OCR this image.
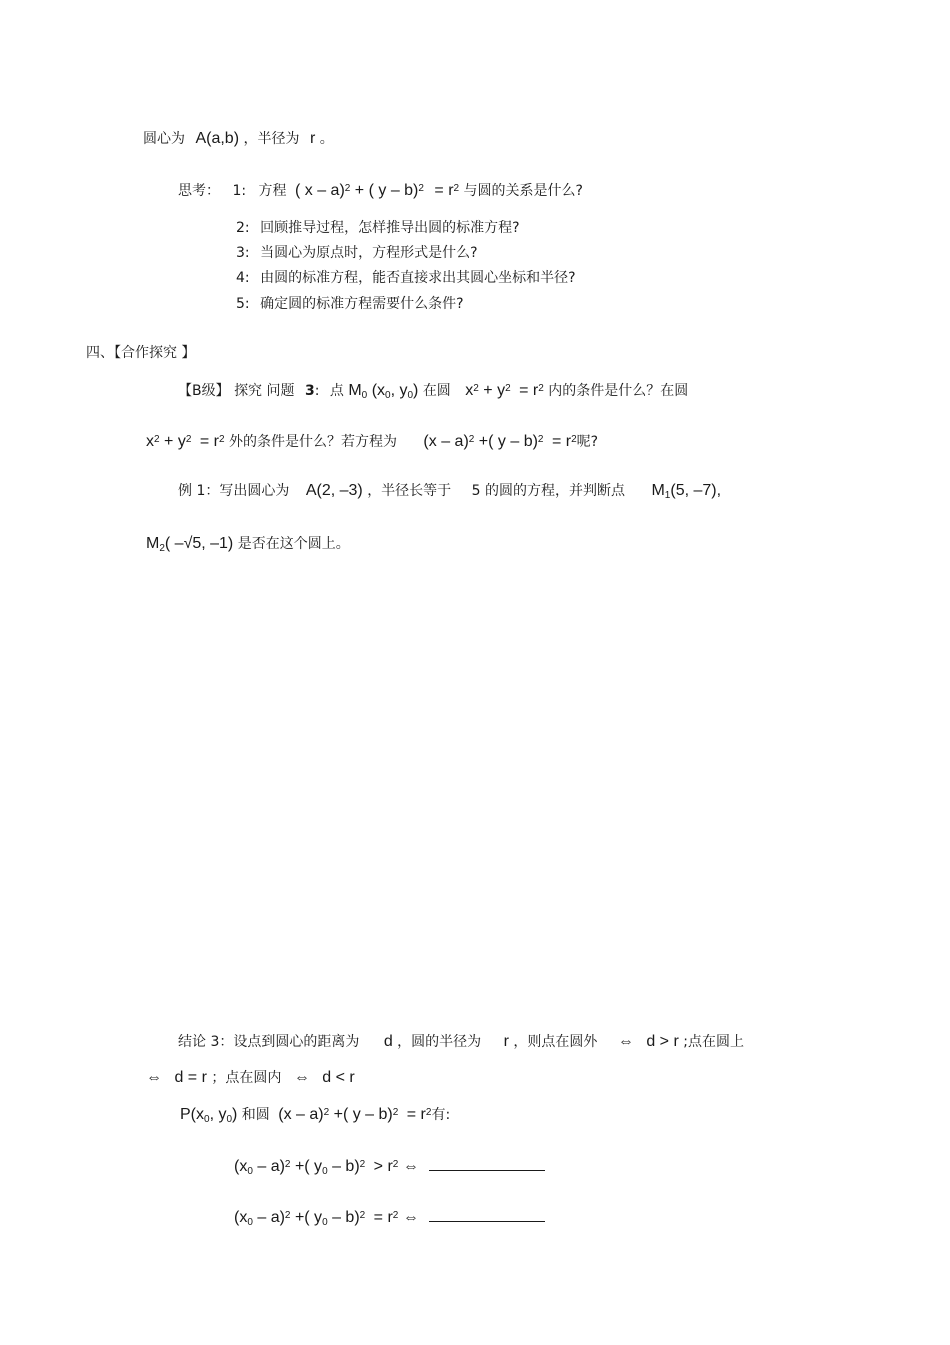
圆心为 A(a,b) ，半径为 r 。
思考： 1: 方程 ( x – a)$^2$ + ( $y - b)^2 = r^2$ 与圆的关系是什么?
2: 回顾推导过程，怎样推导出圆的标准方程?
3: 当圆心为原点时，方程形式是什么?
4: 由圆的标准方程，能否直接求出其圆心坐标和半径?
5: 确定圆的标准方程需要什么条件?
四、【合作探究 】
【B级】 探究 问题 3: 点 $M_0$ ($x_0$, $y_0$) 在圆 $x^2 + y^2 = r^2$ 内的条件是什么？在圆
$x^2 + y^2 = r^2$ 外的条件是什么？若方程为 (x – a)$^2$ +( $y - b)^2 = r^2$呢?
例 1：写出圆心为 A(2, –3) ，半径长等于 5 的圆的方程，并判断点 $M_1(5$, –7),
$M_2$( –√5, –1) 是否在这个圆上。
结论 3：设点到圆心的距离为 d ，圆的半径为 r ，则点在圆外 ⇔ d > r ;点在圆上
⇔ d = r ；点在圆内 ⇔ d < r
$P(x_0$, $y_0$) 和圆 (x – a)$^2$ +( $y - b)^2 = r^2$有:
$(x_0 - a)^2$ +( $y_0 - b)^2 > r^2$ ⇔
$(x_0 - a)^2$ +( $y_0 - b)^2 = r^2$ ⇔
